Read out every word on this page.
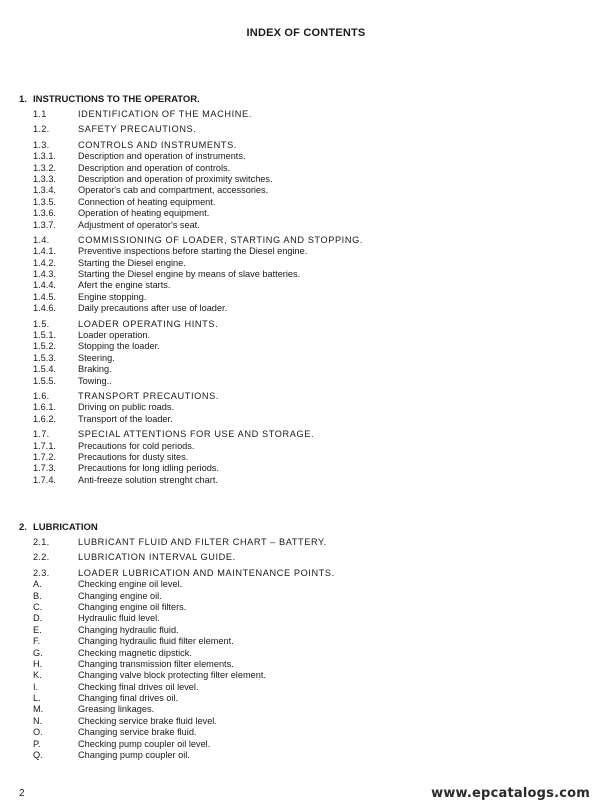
INDEX OF CONTENTS
1. INSTRUCTIONS TO THE OPERATOR.
1.1	IDENTIFICATION OF THE MACHINE.
1.2.	SAFETY PRECAUTIONS.
1.3.	CONTROLS AND INSTRUMENTS.
1.3.1. Description and operation of instruments.
1.3.2. Description and operation of controls.
1.3.3. Description and operation of proximity switches.
1.3.4. Operator's cab and compartment, accessories.
1.3.5. Connection of heating equipment.
1.3.6. Operation of heating equipment.
1.3.7. Adjustment of operator's seat.
1.4.	COMMISSIONING OF LOADER, STARTING AND STOPPING.
1.4.1. Preventive inspections before starting the Diesel engine.
1.4.2. Starting the Diesel engine.
1.4.3. Starting the Diesel engine by means of slave batteries.
1.4.4. Afert the engine starts.
1.4.5. Engine stopping.
1.4.6. Daily precautions after use of loader.
1.5.	LOADER OPERATING HINTS.
1.5.1. Loader operation.
1.5.2. Stopping the loader.
1.5.3. Steering.
1.5.4. Braking.
1.5.5. Towing..
1.6.	TRANSPORT PRECAUTIONS.
1.6.1. Driving on public roads.
1.6.2. Transport of the loader.
1.7.	SPECIAL ATTENTIONS FOR USE AND STORAGE.
1.7.1. Precautions for cold periods.
1.7.2. Precautions for dusty sites.
1.7.3. Precautions for long idling periods.
1.7.4. Anti-freeze solution strenght chart.
2. LUBRICATION
2.1.	LUBRICANT FLUID AND FILTER CHART – BATTERY.
2.2.	LUBRICATION INTERVAL GUIDE.
2.3.	LOADER LUBRICATION AND MAINTENANCE POINTS.
A.	Checking engine oil level.
B.	Changing engine oil.
C.	Changing engine oil filters.
D.	Hydraulic fluid level.
E.	Changing hydraulic fluid.
F.	Changing hydraulic fluid filter element.
G.	Checking magnetic dipstick.
H.	Changing transmission filter elements.
K.	Changing valve block protecting filter element.
I.	Checking final drives oil level.
L.	Changing final drives oil.
M.	Greasing linkages.
N.	Checking service brake fluid level.
O.	Changing service brake fluid.
P.	Checking pump coupler oil level.
Q.	Changing pump coupler oil.
2	www.epcatalogs.com
